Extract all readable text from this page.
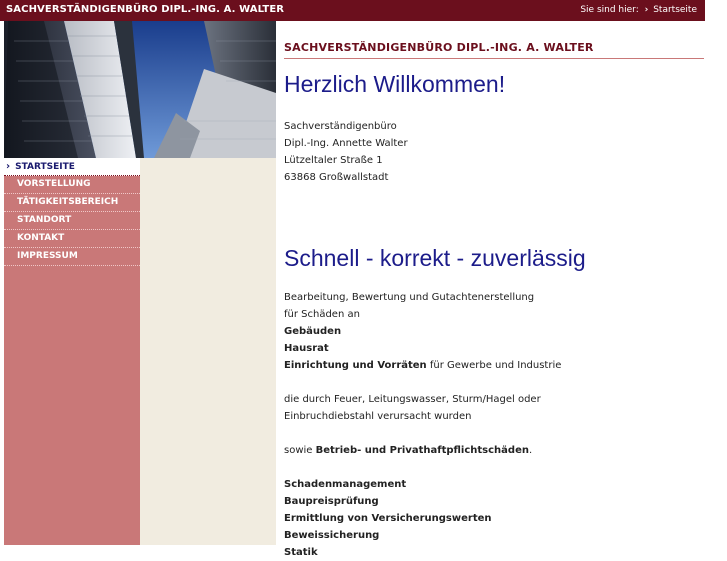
SACHVERSTÄNDIGENBÜRO DIPL.-ING. A. WALTER	Sie sind hier: › Startseite
› STARTSEITE
VORSTELLUNG
TÄTIGKEITSBEREICH
STANDORT
KONTAKT
IMPRESSUM
SACHVERSTÄNDIGENBÜRO DIPL.-ING. A. WALTER
Herzlich Willkommen!
Sachverständigenbüro
Dipl.-Ing. Annette Walter
Lützeltaler Straße 1
63868 Großwallstadt
Schnell - korrekt - zuverlässig
Bearbeitung, Bewertung und Gutachtenerstellung
für Schäden an
Gebäuden
Hausrat
Einrichtung und Vorräten für Gewerbe und Industrie
die durch Feuer, Leitungswasser, Sturm/Hagel oder
Einbruchdiebstahl verursacht wurden
sowie Betrieb- und Privathaftpflichtschäden.
Schadenmanagement
Baupreisprüfung
Ermittlung von Versicherungswerten
Beweissicherung
Statik
